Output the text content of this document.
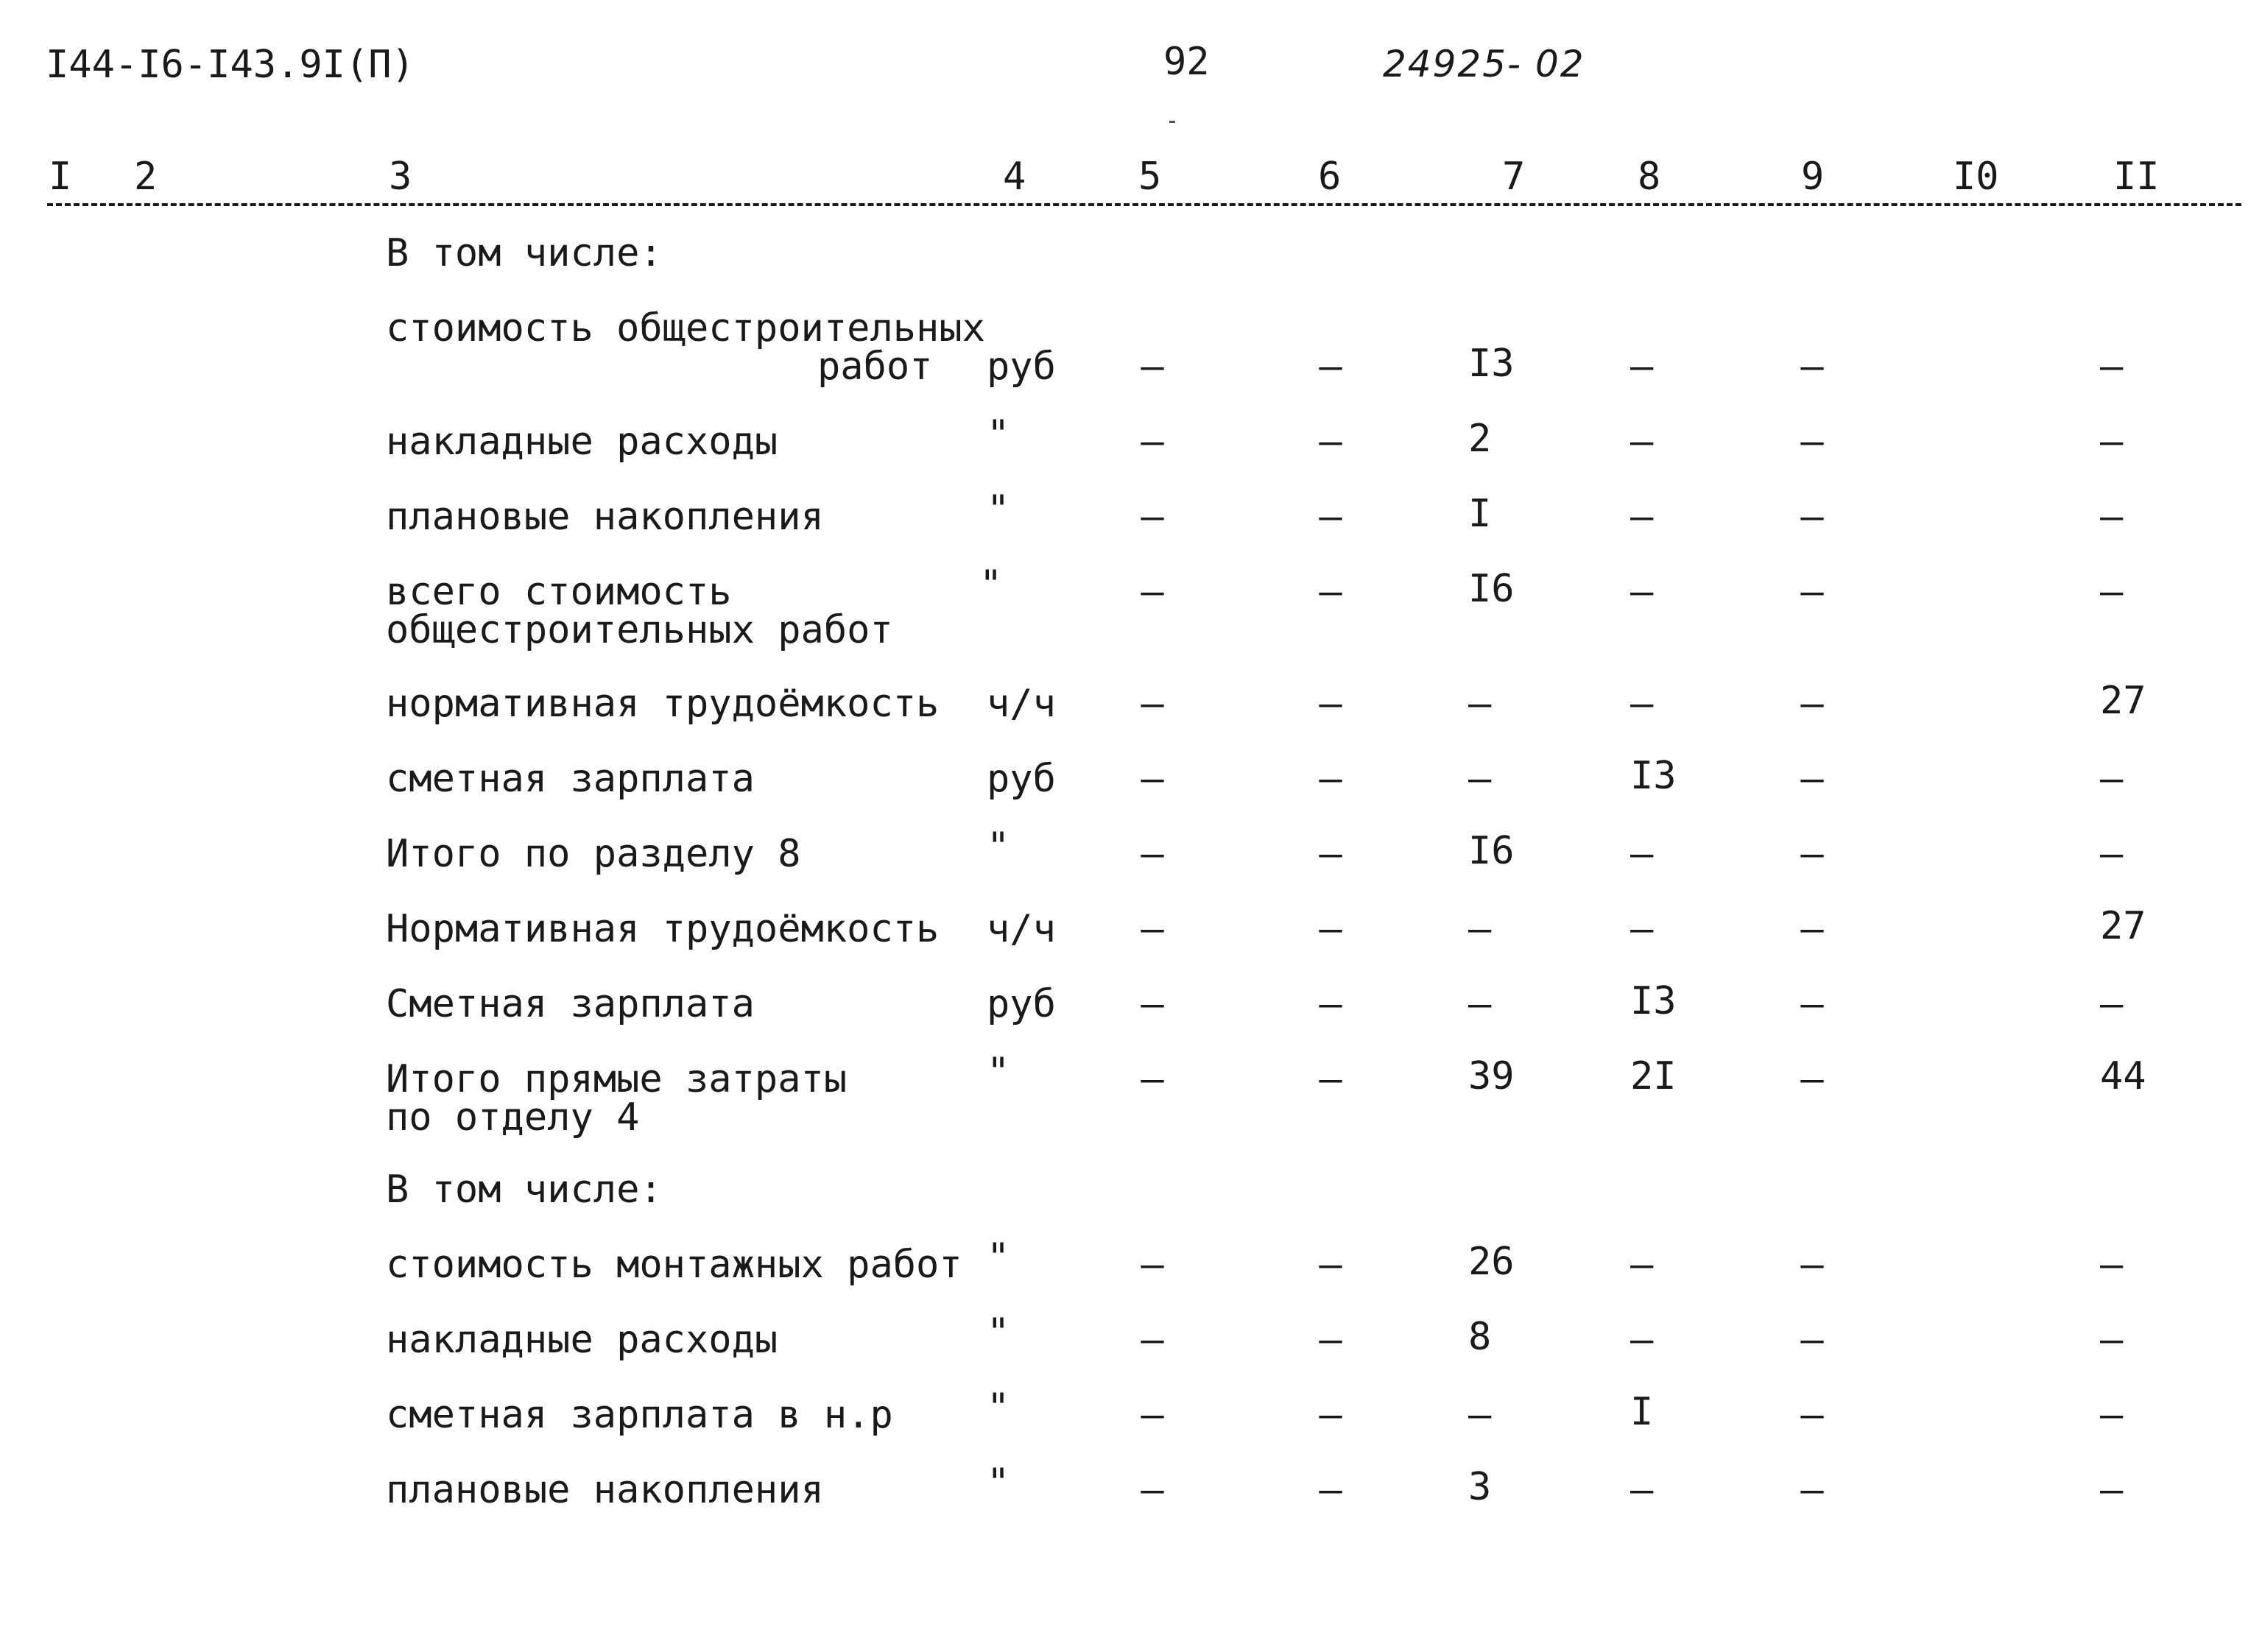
I44-I6-I43.9I(П)	92	24925- 02
I 2	3	4	5	6	7	8	9	I0	II
В том числе:
стоимость общестроительных
работ руб	–	–	I3	–	–	–
накладные расходы	"	–	–	2	–	–	–
плановые накопления	"	–	–	I	–	–	–
всего стоимость
общестроительных работ
"	–	–	I6	–	–	–
нормативная трудоёмкость ч/ч	–	–	–	–	–	27
сметная зарплата	руб	–	–	–	I3	–	–
Итого по разделу 8	"	–	–	I6	–	–	–
Нормативная трудоёмкость ч/ч	–	–	–	–	–	27
Сметная зарплата	руб	–	–	–	I3	–	–
Итого прямые затраты
по отделу 4
"	–	–	39	2I	–	44
В том числе:
стоимость монтажных работ "	–	–	26	–	–	–
накладные расходы	"	–	–	8	–	–	–
сметная зарплата в н.р "	–	–	–	I	–	–
плановые накопления	"	–	–	3	–	–	–
